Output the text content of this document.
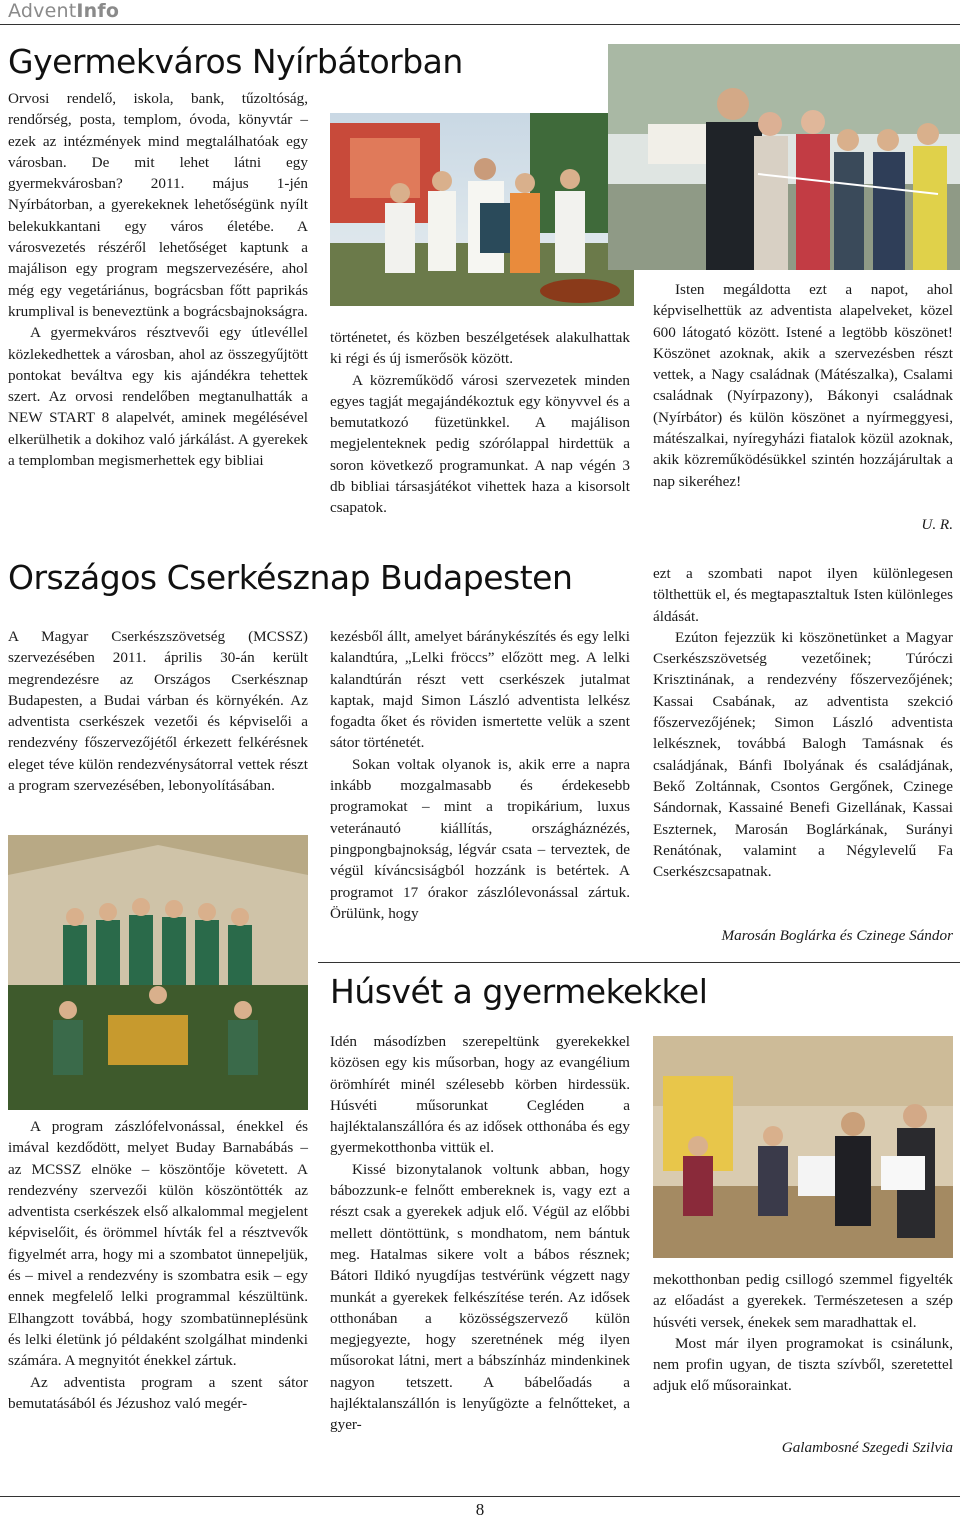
AdventInfo
Gyermekváros Nyírbátorban

Orvosi rendelő, iskola, bank, tűzoltóság, rendőrség, posta, templom, óvoda, könyvtár – ezek az intézmények mind megtalálhatóak egy városban. De mit lehet látni egy gyermekvárosban? 2011. május 1-jén Nyírbátorban, a gyerekeknek lehetőségünk nyílt belekukkantani egy város életébe. A városvezetés részéről lehetőséget kaptunk a majálison egy program megszervezésére, ahol még egy vegetáriánus, bográcsban főtt paprikás krumplival is beneveztünk a bográcsbajnokságra.

A gyermekváros résztvevői egy útlevéllel közlekedhettek a városban, ahol az összegyűjtött pontokat beváltva egy kis ajándékra tehettek szert. Az orvosi rendelőben megtanulhatták a NEW START 8 alapelvét, aminek megélésével elkerülhetik a dokihoz való járkálást. A gyerekek a templomban megismerhettek egy bibliai

történetet, és közben beszélgetések alakulhattak ki régi és új ismerősök között.

A közreműködő városi szervezetek minden egyes tagját megajándékoztuk egy könyvvel és a bemutatkozó füzetünkkel. A majálison megjelenteknek pedig szórólappal hirdettük a soron következő programunkat. A nap végén 3 db bibliai társasjátékot vihettek haza a kisorsolt csapatok.

Isten megáldotta ezt a napot, ahol képviselhettük az adventista alapelveket, közel 600 látogató között. Istené a legtöbb köszönet! Köszönet azoknak, akik a szervezésben részt vettek, a Nagy családnak (Mátészalka), Csalami családnak (Nyírpazony), Bákonyi családnak (Nyírbátor) és külön köszönet a nyírmeggyesi, mátészalkai, nyíregyházi fiatalok közül azoknak, akik közreműködésükkel szintén hozzájárultak a nap sikeréhez!

U. R.
Országos Cserkésznap Budapesten

A Magyar Cserkészszövetség (MCSSZ) szervezésében 2011. április 30-án került megrendezésre az Országos Cserkésznap Budapesten, a Budai várban és környékén. Az adventista cserkészek vezetői és képviselői a rendezvény főszervezőjétől érkezett felkérésnek eleget téve külön rendezvénysátorral vettek részt a program szervezésében, lebonyolításában.

A program zászlófelvonással, énekkel és imával kezdődött, melyet Buday Barnabábás – az MCSSZ elnöke – köszöntője követett. A rendezvény szervezői külön köszöntötték az adventista cserkészek első alkalommal megjelent képviselőit, és örömmel hívták fel a résztvevők figyelmét arra, hogy mi a szombatot ünnepeljük, és – mivel a rendezvény is szombatra esik – egy ennek megfelelő lelki programmal készültünk. Elhangzott továbbá, hogy szombatünneplésünk és lelki életünk jó példaként szolgálhat mindenki számára. A megnyitót énekkel zártuk.

Az adventista program a szent sátor bemutatásából és Jézushoz való megér-

kezésből állt, amelyet báránykészítés és egy lelki kalandtúra, „Lelki fröccs” előzött meg. A lelki kalandtúrán részt vett cserkészek jutalmat kaptak, majd Simon László adventista lelkész fogadta őket és röviden ismertette velük a szent sátor történetét.

Sokan voltak olyanok is, akik erre a napra inkább mozgalmasabb és érdekesebb programokat – mint a tropikárium, luxus veteránautó kiállítás, országháznézés, pingpongbajnokság, légvár csata – terveztek, de végül kíváncsiságból hozzánk is betértek. A programot 17 órakor zászlólevonással zártuk. Örülünk, hogy

ezt a szombati napot ilyen különlegesen tölthettük el, és megtapasztaltuk Isten különleges áldását.

Ezúton fejezzük ki köszönetünket a Magyar Cserkészszövetség vezetőinek; Túróczi Krisztinának, a rendezvény főszervezőjének; Kassai Csabának, az adventista szekció főszervezőjének; Simon László adventista lelkésznek, továbbá Balogh Tamásnak és családjának, Bánfi Ibolyának és családjának, Bekő Zoltánnak, Csontos Gergőnek, Czinege Sándornak, Kassainé Benefi Gizellának, Kassai Eszternek, Marosán Boglárkának, Surányi Renátónak, valamint a Négylevelű Fa Cserkészcsapatnak.

Marosán Boglárka és Czinege Sándor
Húsvét a gyermekekkel

Idén másodízben szerepeltünk gyerekekkel közösen egy kis műsorban, hogy az evangélium örömhírét minél szélesebb körben hirdessük. Húsvéti műsorunkat Cegléden a hajléktalanszállóra és az idősek otthonába és egy gyermekotthonba vittük el.

Kissé bizonytalanok voltunk abban, hogy bábozzunk-e felnőtt embereknek is, vagy ezt a részt csak a gyerekek adjuk elő. Végül az előbbi mellett döntöttünk, s mondhatom, nem bántuk meg. Hatalmas sikere volt a bábos résznek; Bátori Ildikó nyugdíjas testvérünk végzett nagy munkát a gyerekek felkészítése terén. Az idősek otthonában a közösségszervező külön megjegyezte, hogy szeretnének még ilyen műsorokat látni, mert a bábszínház mindenkinek nagyon tetszett. A bábelőadás a hajléktalanszállón is lenyűgözte a felnőtteket, a gyer-

mekotthonban pedig csillogó szemmel figyelték az előadást a gyerekek. Természetesen a szép húsvéti versek, énekek sem maradhattak el.

Most már ilyen programokat is csinálunk, nem profin ugyan, de tiszta szívből, szeretettel adjuk elő műsorainkat.

Galambosné Szegedi Szilvia
8
